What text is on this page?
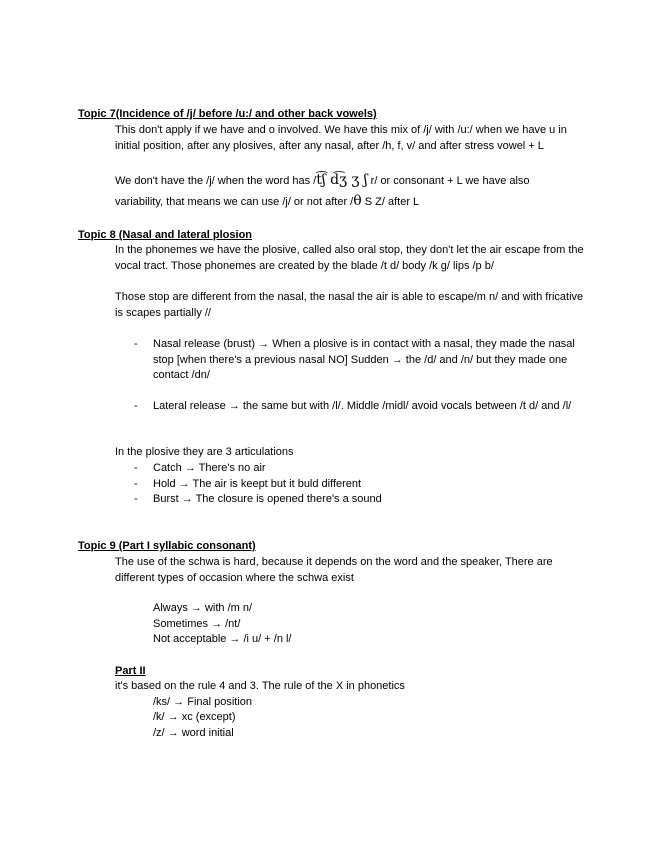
Topic 7(Incidence of /j/ before /u:/ and other back vowels)
This don't apply if we have and o involved. We have this mix of /j/ with /u:/ when we have u in initial position, after any plosives, after any nasal, after /h, f, v/ and after stress vowel + L
We don't have the /j/ when the word has /t͡ʃ d͡ʒ ʒ ʃ r/ or consonant + L we have also
variability, that means we can use /j/ or not after /θ S Z/ after L
Topic 8 (Nasal and lateral plosion
In the phonemes we have the plosive, called also oral stop, they don't let the air escape from the vocal tract. Those phonemes are created by the blade /t d/ body /k g/ lips /p b/
Those stop are different from the nasal, the nasal the air is able to escape/m n/ and with fricative is scapes partially //
- Nasal release (brust) → When a plosive is in contact with a nasal, they made the nasal stop [when there's a previous nasal NO] Sudden → the /d/ and /n/ but they made one contact /dn/
- Lateral release → the same but with /l/. Middle /midl/ avoid vocals between /t d/ and /l/
In the plosive they are 3 articulations
- Catch → There's no air
- Hold → The air is keept but it buld different
- Burst → The closure is opened there's a sound
Topic 9 (Part I syllabic consonant)
The use of the schwa is hard, because it depends on the word and the speaker, There are different types of occasion where the schwa exist
Always → with /m n/
Sometimes → /nt/
Not acceptable → /i u/ + /n l/
Part II
it's based on the rule 4 and 3. The rule of the X in phonetics
/ks/ → Final position
/k/ → xc (except)
/z/ → word initial
